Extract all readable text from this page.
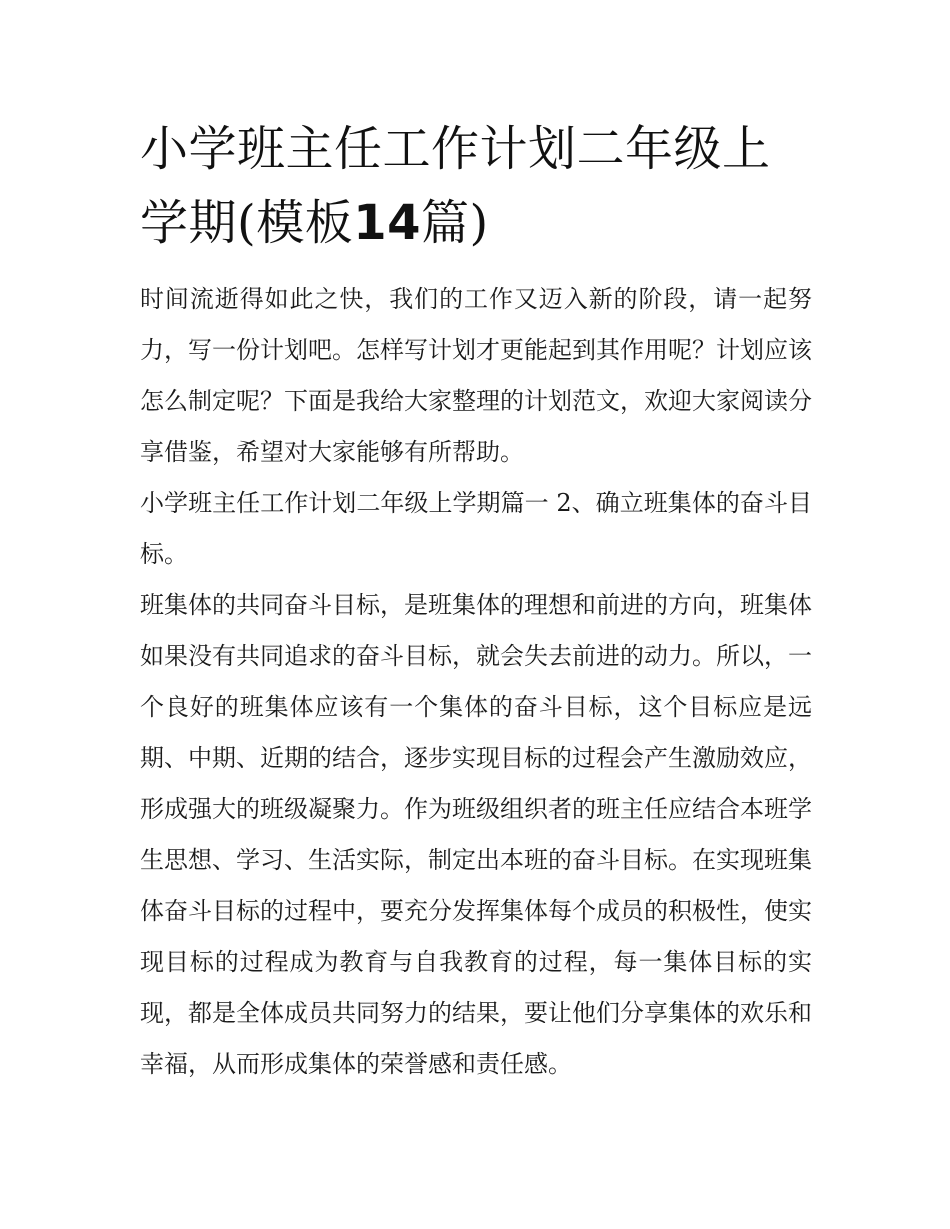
小学班主任工作计划二年级上学期(模板14篇)

时间流逝得如此之快，我们的工作又迈入新的阶段，请一起努力，写一份计划吧。怎样写计划才更能起到其作用呢？计划应该怎么制定呢？下面是我给大家整理的计划范文，欢迎大家阅读分享借鉴，希望对大家能够有所帮助。

小学班主任工作计划二年级上学期篇一 2、确立班集体的奋斗目标。

班集体的共同奋斗目标，是班集体的理想和前进的方向，班集体如果没有共同追求的奋斗目标，就会失去前进的动力。所以，一个良好的班集体应该有一个集体的奋斗目标，这个目标应是远期、中期、近期的结合，逐步实现目标的过程会产生激励效应，形成强大的班级凝聚力。作为班级组织者的班主任应结合本班学生思想、学习、生活实际，制定出本班的奋斗目标。在实现班集体奋斗目标的过程中，要充分发挥集体每个成员的积极性，使实现目标的过程成为教育与自我教育的过程，每一集体目标的实现，都是全体成员共同努力的结果，要让他们分享集体的欢乐和幸福，从而形成集体的荣誉感和责任感。
